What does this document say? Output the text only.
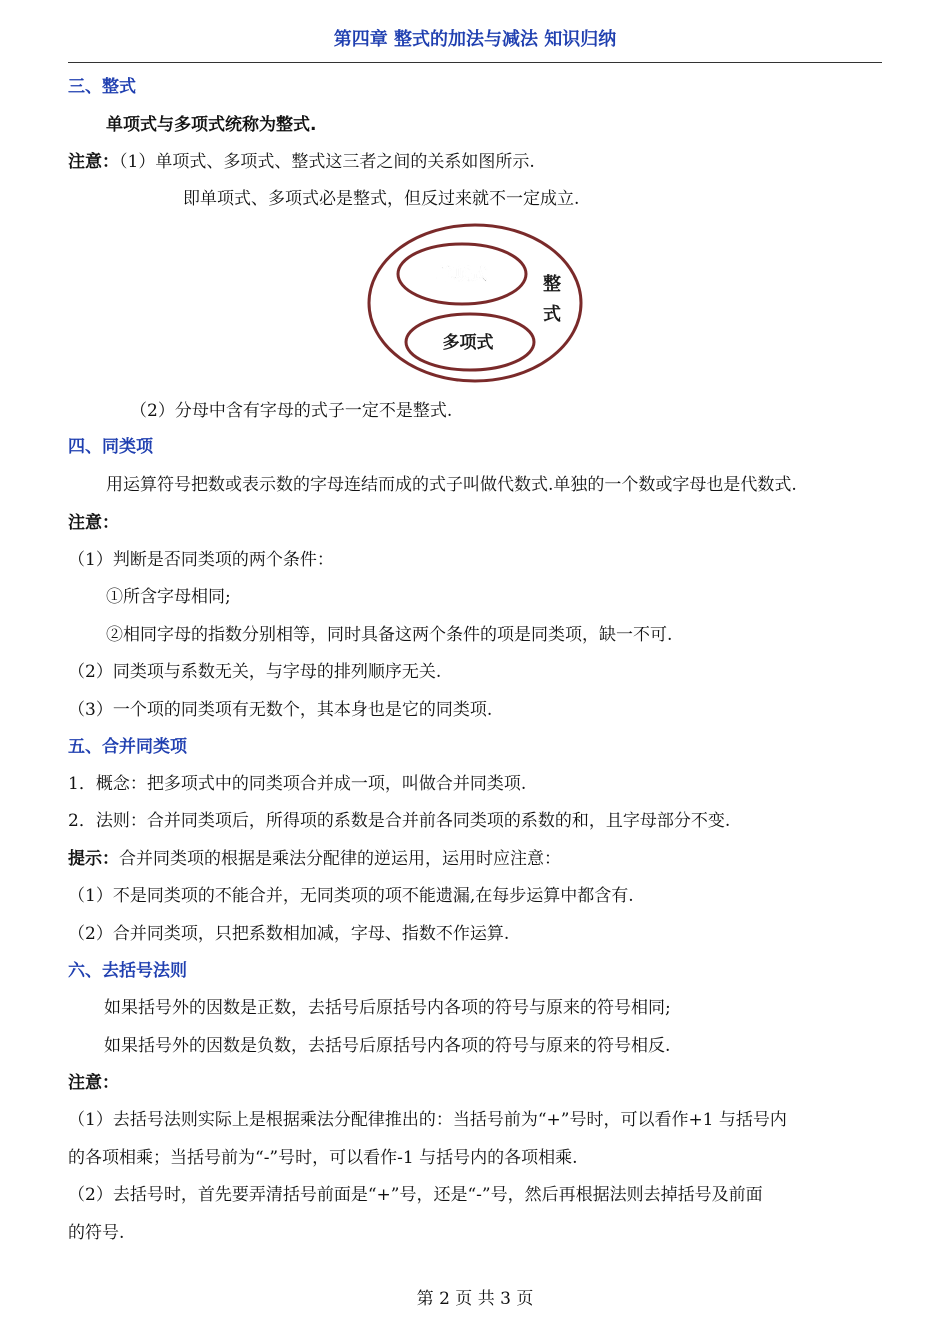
第四章 整式的加法与减法 知识归纳
三、整式
单项式与多项式统称为整式.
注意：（1）单项式、多项式、整式这三者之间的关系如图所示.
即单项式、多项式必是整式，但反过来就不一定成立.
单项式
多项式
整
式
（2）分母中含有字母的式子一定不是整式.
四、同类项
用运算符号把数或表示数的字母连结而成的式子叫做代数式.单独的一个数或字母也是代数式.
注意：
（1）判断是否同类项的两个条件：
①所含字母相同;
②相同字母的指数分别相等，同时具备这两个条件的项是同类项，缺一不可.
（2）同类项与系数无关，与字母的排列顺序无关.
（3）一个项的同类项有无数个，其本身也是它的同类项.
五、合并同类项
1．概念：把多项式中的同类项合并成一项，叫做合并同类项.
2．法则：合并同类项后，所得项的系数是合并前各同类项的系数的和，且字母部分不变.
提示：合并同类项的根据是乘法分配律的逆运用，运用时应注意：
（1）不是同类项的不能合并，无同类项的项不能遗漏,在每步运算中都含有.
（2）合并同类项，只把系数相加减，字母、指数不作运算.
六、去括号法则
如果括号外的因数是正数，去括号后原括号内各项的符号与原来的符号相同;
如果括号外的因数是负数，去括号后原括号内各项的符号与原来的符号相反.
注意：
（1）去括号法则实际上是根据乘法分配律推出的：当括号前为“+”号时，可以看作+1 与括号内
的各项相乘；当括号前为“-”号时，可以看作-1 与括号内的各项相乘.
（2）去括号时，首先要弄清括号前面是“+”号，还是“-”号，然后再根据法则去掉括号及前面
的符号.
第 2 页 共 3 页
